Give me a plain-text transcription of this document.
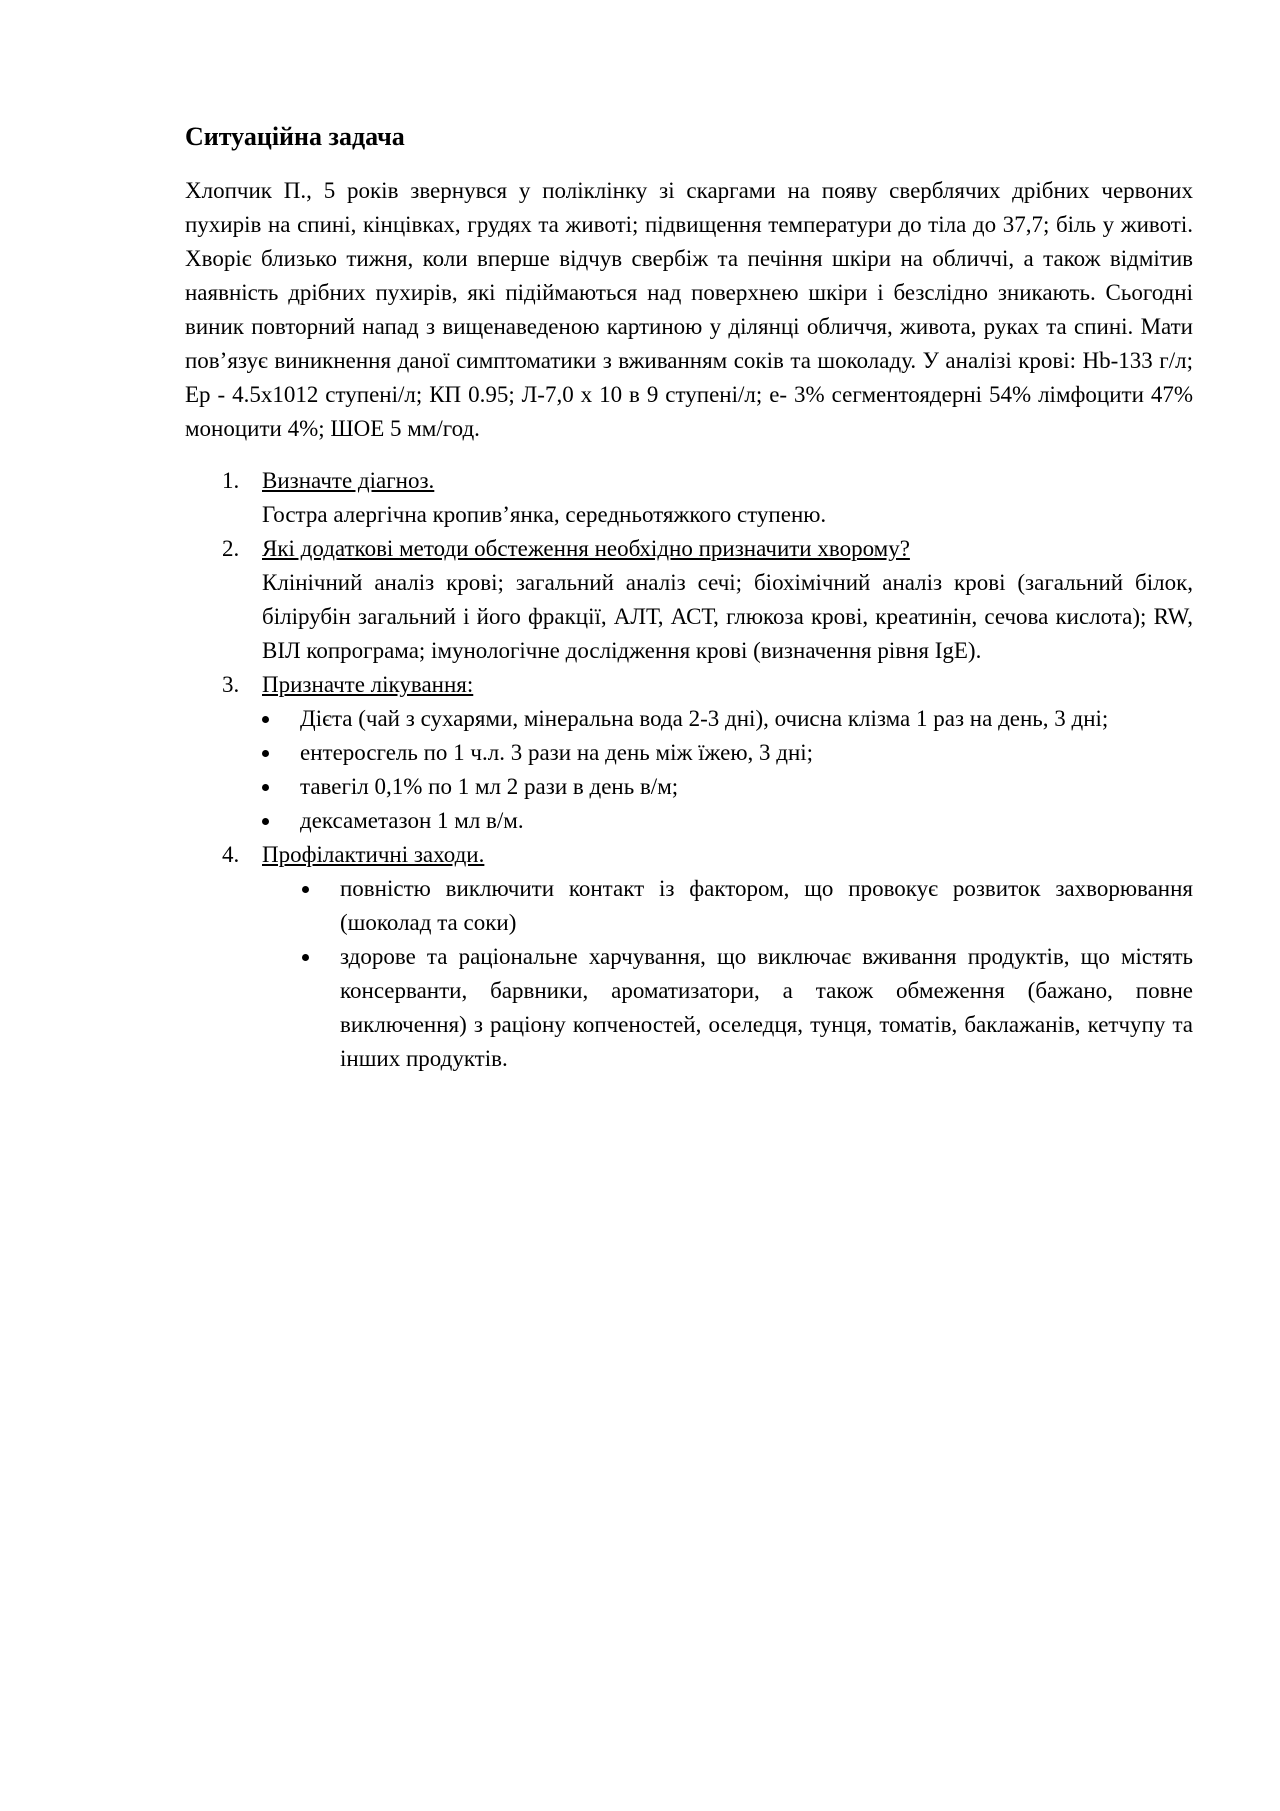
Ситуаційна задача

Хлопчик П., 5 років звернувся у поліклінку зі скаргами на появу сверблячих дрібних червоних пухирів на спині, кінцівках, грудях та животі; підвищення температури до тіла до 37,7; біль у животі. Хворіє близько тижня, коли вперше відчув свербіж та печіння шкіри на обличчі, а також відмітив наявність дрібних пухирів, які підіймаються над поверхнею шкіри і безслідно зникають. Сьогодні виник повторний напад з вищенаведеною картиною у ділянці обличчя, живота, руках та спині. Мати пов’язує виникнення даної симптоматики з вживанням соків та шоколаду. У аналізі крові: Hb-133 г/л; Ер - 4.5х1012 ступені/л; КП 0.95; Л-7,0 х 10 в 9 ступені/л; е- 3% сегментоядерні 54% лімфоцити 47% моноцити 4%; ШОЕ 5 мм/год.

1. Визначте діагноз.
Гостра алергічна кропив’янка, середньотяжкого ступеню.
2. Які додаткові методи обстеження необхідно призначити хворому?
Клінічний аналіз крові; загальний аналіз сечі; біохімічний аналіз крові (загальний білок, білірубін загальний і його фракції, АЛТ, АСТ, глюкоза крові, креатинін, сечова кислота); RW, ВІЛ копрограма; імунологічне дослідження крові (визначення рівня IgE).
3. Призначте лікування:
Дієта (чай з сухарями, мінеральна вода 2-3 дні), очисна клізма 1 раз на день, 3 дні;
ентеросгель по 1 ч.л. 3 рази на день між їжею, 3 дні;
тавегіл 0,1% по 1 мл 2 рази в день в/м;
дексаметазон 1 мл в/м.
4. Профілактичні заходи.
повністю виключити контакт із фактором, що провокує розвиток захворювання (шоколад та соки)
здорове та раціональне харчування, що виключає вживання продуктів, що містять консерванти, барвники, ароматизатори, а також обмеження (бажано, повне виключення) з раціону копченостей, оселедця, тунця, томатів, баклажанів, кетчупу та інших продуктів.
